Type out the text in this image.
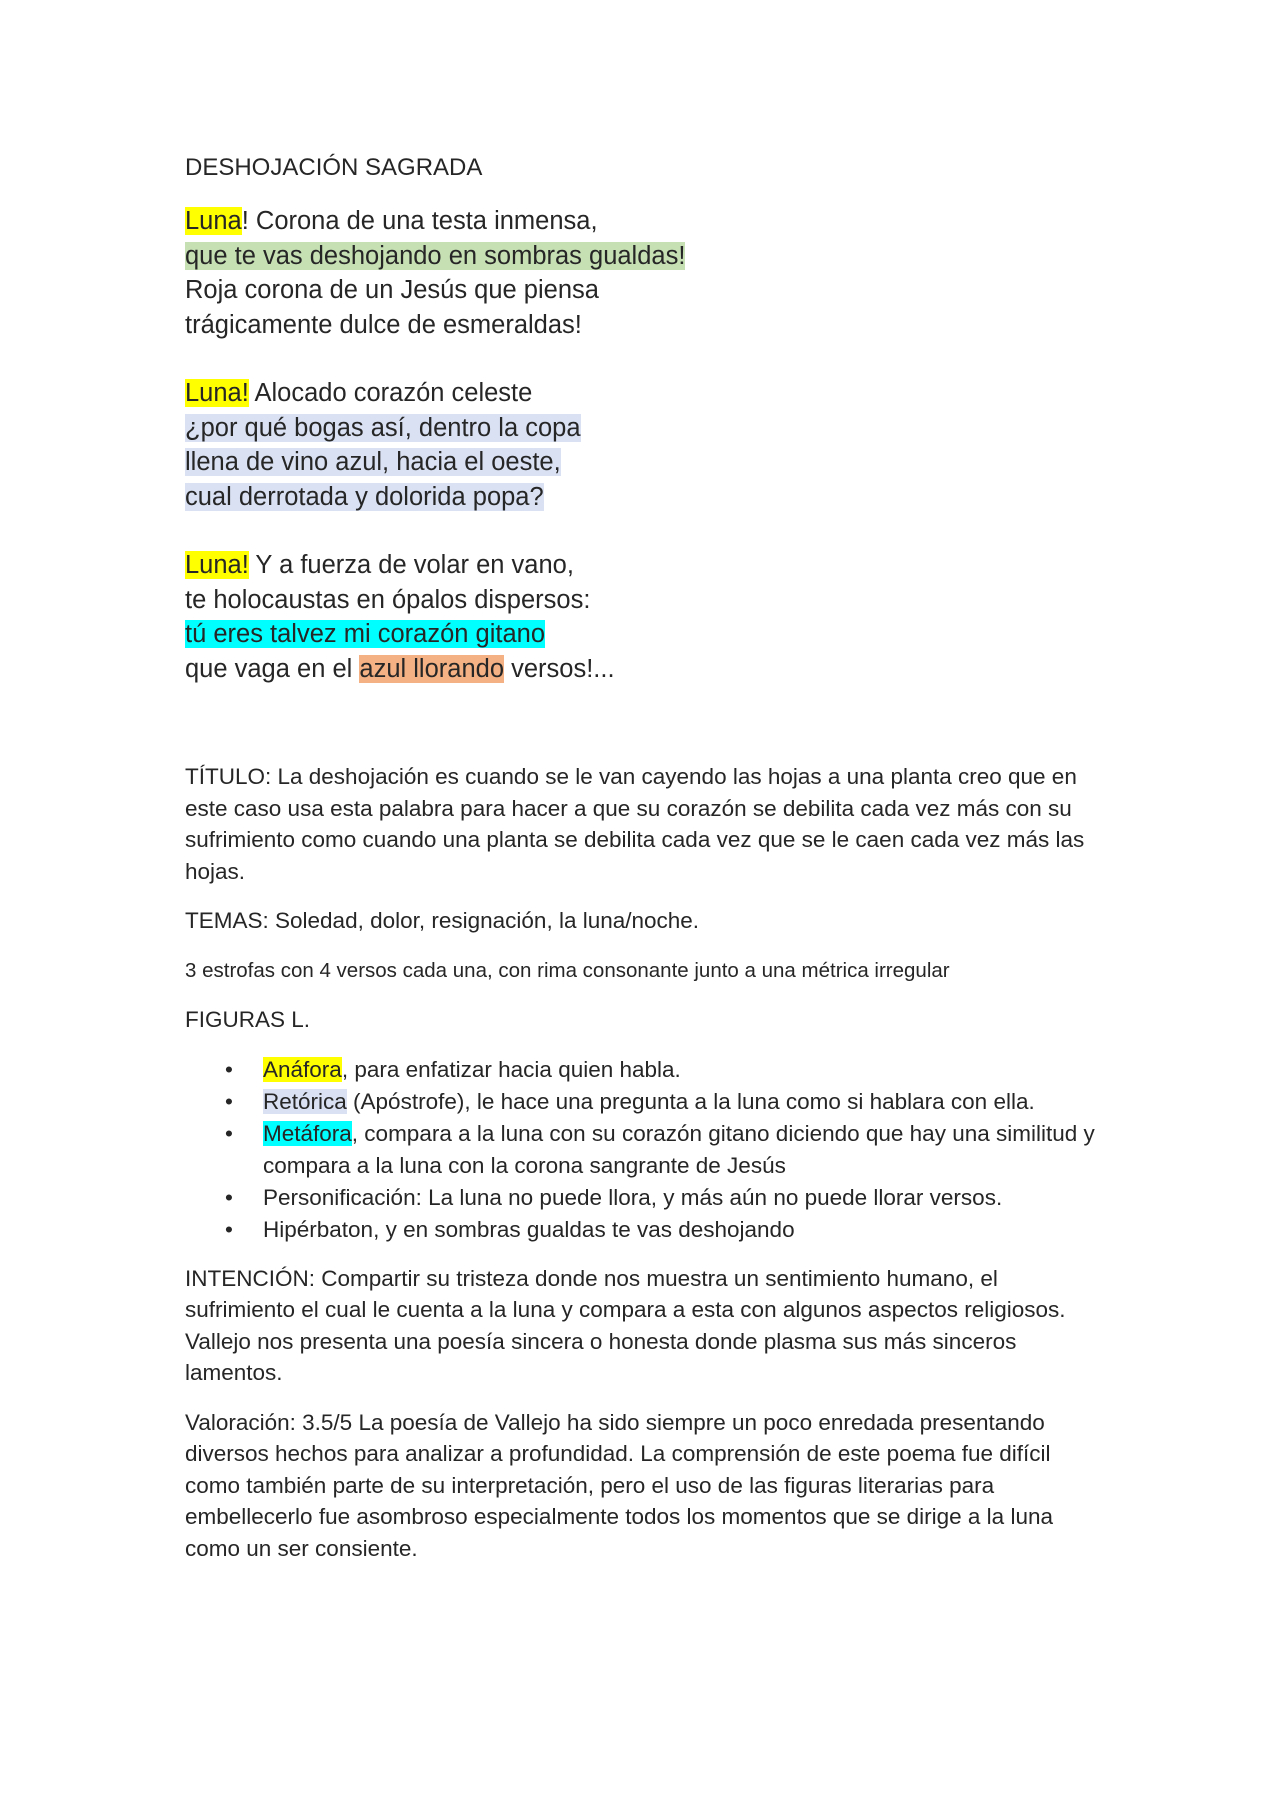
DESHOJACIÓN SAGRADA
Luna! Corona de una testa inmensa,
que te vas deshojando en sombras gualdas!
Roja corona de un Jesús que piensa
trágicamente dulce de esmeraldas!
Luna! Alocado corazón celeste
¿por qué bogas así, dentro la copa
llena de vino azul, hacia el oeste,
cual derrotada y dolorida popa?
Luna! Y a fuerza de volar en vano,
te holocaustas en ópalos dispersos:
tú eres talvez mi corazón gitano
que vaga en el azul llorando versos!...

TÍTULO: La deshojación es cuando se le van cayendo las hojas a una planta creo que en este caso usa esta palabra para hacer a que su corazón se debilita cada vez más con su sufrimiento como cuando una planta se debilita cada vez que se le caen cada vez más las hojas.

TEMAS: Soledad, dolor, resignación, la luna/noche.

3 estrofas con 4 versos cada una, con rima consonante junto a una métrica irregular

FIGURAS L.

• Anáfora, para enfatizar hacia quien habla.
• Retórica (Apóstrofe), le hace una pregunta a la luna como si hablara con ella.
• Metáfora, compara a la luna con su corazón gitano diciendo que hay una similitud y compara a la luna con la corona sangrante de Jesús
• Personificación: La luna no puede llora, y más aún no puede llorar versos.
• Hipérbaton, y en sombras gualdas te vas deshojando

INTENCIÓN: Compartir su tristeza donde nos muestra un sentimiento humano, el sufrimiento el cual le cuenta a la luna y compara a esta con algunos aspectos religiosos. Vallejo nos presenta una poesía sincera o honesta donde plasma sus más sinceros lamentos.

Valoración: 3.5/5 La poesía de Vallejo ha sido siempre un poco enredada presentando diversos hechos para analizar a profundidad. La comprensión de este poema fue difícil como también parte de su interpretación, pero el uso de las figuras literarias para embellecerlo fue asombroso especialmente todos los momentos que se dirige a la luna como un ser consiente.
